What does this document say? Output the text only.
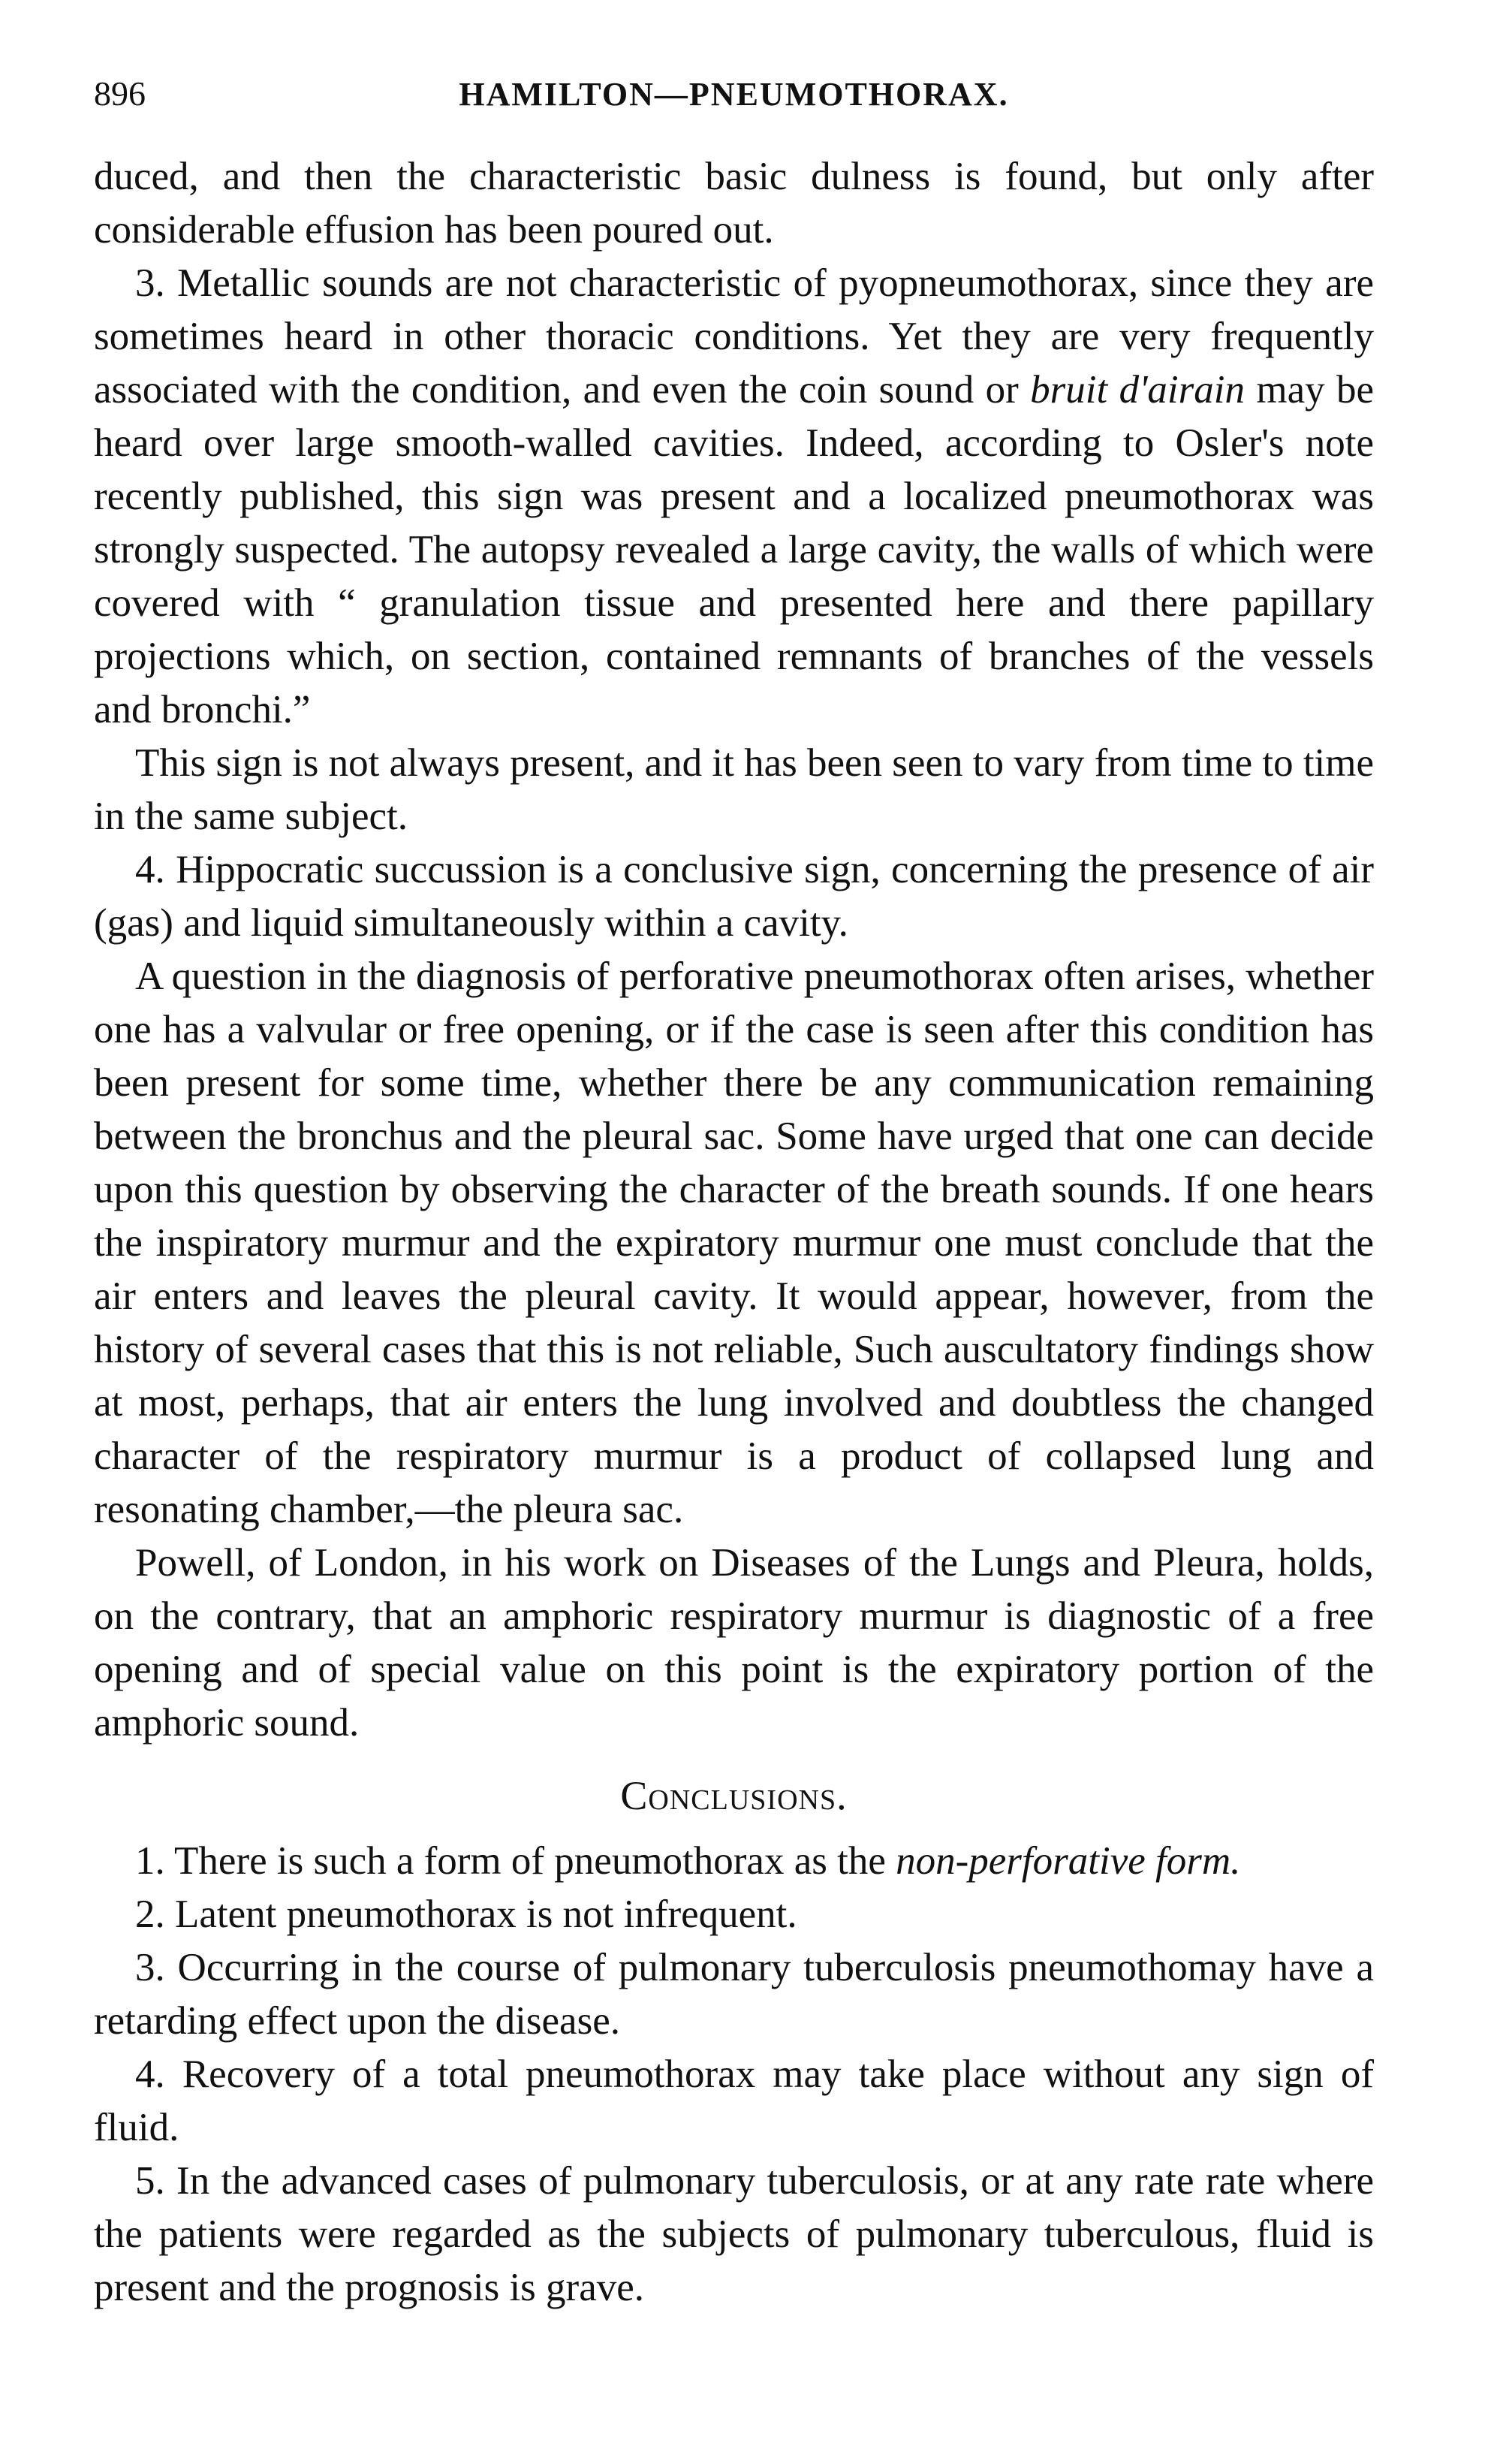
896	HAMILTON—PNEUMOTHORAX.

duced, and then the characteristic basic dulness is found, but only after considerable effusion has been poured out.

3. Metallic sounds are not characteristic of pyopneumothorax, since they are sometimes heard in other thoracic conditions. Yet they are very frequently associated with the condition, and even the coin sound or bruit d'airain may be heard over large smooth-walled cavities. Indeed, according to Osler's note recently published, this sign was present and a localized pneumothorax was strongly suspected. The autopsy revealed a large cavity, the walls of which were covered with “ granulation tissue and presented here and there papillary projections which, on section, contained remnants of branches of the vessels and bronchi.”

This sign is not always present, and it has been seen to vary from time to time in the same subject.

4. Hippocratic succussion is a conclusive sign, concerning the presence of air (gas) and liquid simultaneously within a cavity.

A question in the diagnosis of perforative pneumothorax often arises, whether one has a valvular or free opening, or if the case is seen after this condition has been present for some time, whether there be any communication remaining between the bronchus and the pleural sac. Some have urged that one can decide upon this question by observing the character of the breath sounds. If one hears the inspiratory murmur and the expiratory murmur one must conclude that the air enters and leaves the pleural cavity. It would appear, however, from the history of several cases that this is not reliable, Such auscultatory findings show at most, perhaps, that air enters the lung involved and doubtless the changed character of the respiratory murmur is a product of collapsed lung and resonating chamber,—the pleura sac.

Powell, of London, in his work on Diseases of the Lungs and Pleura, holds, on the contrary, that an amphoric respiratory murmur is diagnostic of a free opening and of special value on this point is the expiratory portion of the amphoric sound.

Conclusions.

1. There is such a form of pneumothorax as the non-perforative form.

2. Latent pneumothorax is not infrequent.

3. Occurring in the course of pulmonary tuberculosis pneumothomay have a retarding effect upon the disease.

4. Recovery of a total pneumothorax may take place without any sign of fluid.

5. In the advanced cases of pulmonary tuberculosis, or at any rate rate where the patients were regarded as the subjects of pulmonary tuberculous, fluid is present and the prognosis is grave.
